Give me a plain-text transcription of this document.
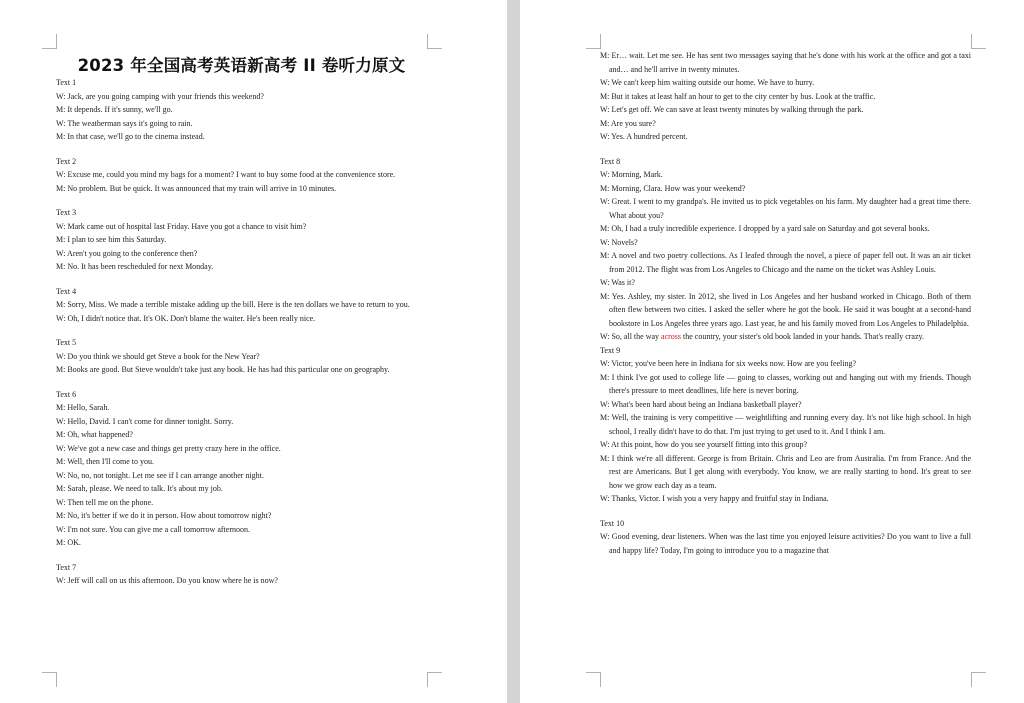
2023 年全国高考英语新高考 II 卷听力原文
Text 1
W: Jack, are you going camping with your friends this weekend?
M: It depends. If it's sunny, we'll go.
W: The weatherman says it's going to rain.
M: In that case, we'll go to the cinema instead.
Text 2
W: Excuse me, could you mind my bags for a moment? I want to buy some food at the convenience store.
M: No problem. But be quick. It was announced that my train will arrive in 10 minutes.
Text 3
W: Mark came out of hospital last Friday. Have you got a chance to visit him?
M: I plan to see him this Saturday.
W: Aren't you going to the conference then?
M: No. It has been rescheduled for next Monday.
Text 4
M: Sorry, Miss. We made a terrible mistake adding up the bill. Here is the ten dollars we have to return to you.
W: Oh, I didn't notice that. It's OK. Don't blame the waiter. He's been really nice.
Text 5
W: Do you think we should get Steve a book for the New Year?
M: Books are good. But Steve wouldn't take just any book. He has had this particular one on geography.
Text 6
M: Hello, Sarah.
W: Hello, David. I can't come for dinner tonight. Sorry.
M: Oh, what happened?
W: We've got a new case and things get pretty crazy here in the office.
M: Well, then I'll come to you.
W: No, no, not tonight. Let me see if I can arrange another night.
M: Sarah, please. We need to talk. It's about my job.
W: Then tell me on the phone.
M: No, it's better if we do it in person. How about tomorrow night?
W: I'm not sure. You can give me a call tomorrow afternoon.
M: OK.
Text 7
W: Jeff will call on us this afternoon. Do you know where he is now?
M: Er… wait. Let me see. He has sent two messages saying that he's done with his work at the office and got a taxi and… and he'll arrive in twenty minutes.
W: We can't keep him waiting outside our home. We have to hurry.
M: But it takes at least half an hour to get to the city center by bus. Look at the traffic.
W: Let's get off. We can save at least twenty minutes by walking through the park.
M: Are you sure?
W: Yes. A hundred percent.
Text 8
W: Morning, Mark.
M: Morning, Clara. How was your weekend?
W: Great. I went to my grandpa's. He invited us to pick vegetables on his farm. My daughter had a great time there. What about you?
M: Oh, I had a truly incredible experience. I dropped by a yard sale on Saturday and got several books.
W: Novels?
M: A novel and two poetry collections. As I leafed through the novel, a piece of paper fell out. It was an air ticket from 2012. The flight was from Los Angeles to Chicago and the name on the ticket was Ashley Louis.
W: Was it?
M: Yes. Ashley, my sister. In 2012, she lived in Los Angeles and her husband worked in Chicago. Both of them often flew between two cities. I asked the seller where he got the book. He said it was bought at a second-hand bookstore in Los Angeles three years ago. Last year, he and his family moved from Los Angeles to Philadelphia.
W: So, all the way across the country, your sister's old book landed in your hands. That's really crazy.
Text 9
W: Victor, you've been here in Indiana for six weeks now. How are you feeling?
M: I think I've got used to college life — going to classes, working out and hanging out with my friends. Though there's pressure to meet deadlines, life here is never boring.
W: What's been hard about being an Indiana basketball player?
M: Well, the training is very competitive — weightlifting and running every day. It's not like high school. In high school, I really didn't have to do that. I'm just trying to get used to it. And I think I am.
W: At this point, how do you see yourself fitting into this group?
M: I think we're all different. George is from Britain. Chris and Leo are from Australia. I'm from France. And the rest are Americans. But I get along with everybody. You know, we are really starting to bond. It's great to see how we grow each day as a team.
W: Thanks, Victor. I wish you a very happy and fruitful stay in Indiana.
Text 10
W: Good evening, dear listeners. When was the last time you enjoyed leisure activities? Do you want to live a full and happy life? Today, I'm going to introduce you to a magazine that
